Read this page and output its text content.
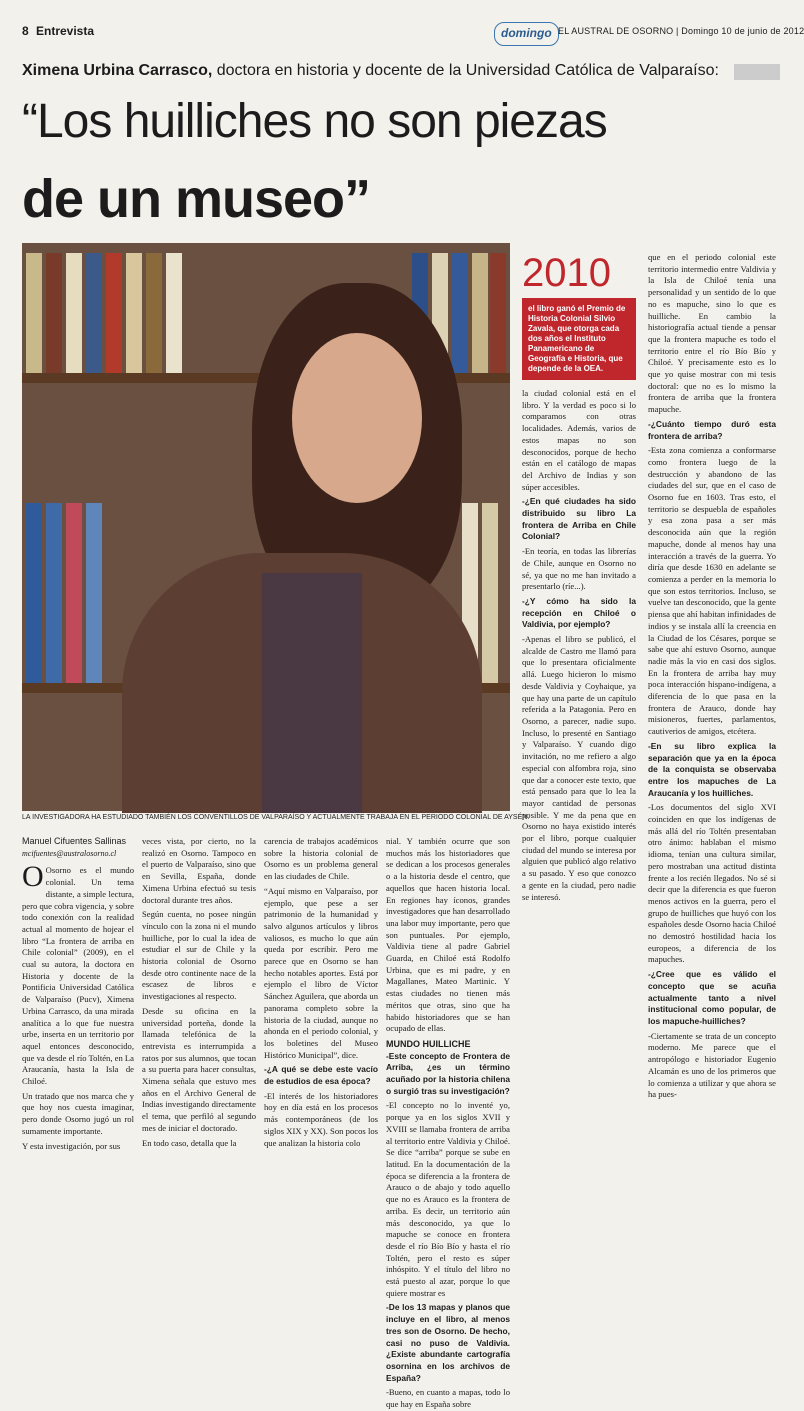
8 Entrevista	domingo EL AUSTRAL DE OSORNO | Domingo 10 de junio de 2012
Ximena Urbina Carrasco, doctora en historia y docente de la Universidad Católica de Valparaíso:
“Los huilliches no son piezas
de un museo”
LA INVESTIGADORA HA ESTUDIADO TAMBIÉN LOS CONVENTILLOS DE VALPARAÍSO Y ACTUALMENTE TRABAJA EN EL PERIODO COLONIAL DE AYSÉN.
2010
el libro ganó el Premio de Historia Colonial Silvio Zavala, que otorga cada dos años el Instituto Panamericano de Geografía e Historia, que depende de la OEA.

la ciudad colonial está en el libro. Y la verdad es poco si lo comparamos con otras localidades. Además, varios de estos mapas no son desconocidos, porque de hecho están en el catálogo de mapas del Archivo de Indias y son súper accesibles.

-¿En qué ciudades ha sido distribuido su libro La frontera de Arriba en Chile Colonial?

-En teoría, en todas las librerías de Chile, aunque en Osorno no sé, ya que no me han invitado a presentarlo (ríe...).

-¿Y cómo ha sido la recepción en Chiloé o Valdivia, por ejemplo?

-Apenas el libro se publicó, el alcalde de Castro me llamó para que lo presentara oficialmente allá. Luego hicieron lo mismo desde Valdivia y Coyhaique, ya que hay una parte de un capítulo referida a la Patagonia. Pero en Osorno, a parecer, nadie supo. Incluso, lo presenté en Santiago y Valparaíso. Y cuando digo invitación, no me refiero a algo especial con alfombra roja, sino que dar a conocer este texto, que está pensado para que lo lea la mayor cantidad de personas posible. Y me da pena que en Osorno no haya existido interés por el libro, porque cualquier ciudad del mundo se interesa por alguien que publicó algo relativo a su pasado. Y eso que conozco a gente en la ciudad, pero nadie se interesó.

que en el periodo colonial este territorio intermedio entre Valdivia y la Isla de Chiloé tenía una personalidad y un sentido de lo que no es mapuche, sino lo que es huilliche. En cambio la historiografía actual tiende a pensar que la frontera mapuche es todo el territorio entre el río Bío Bío y Chiloé. Y precisamente esto es lo que yo quise mostrar con mi tesis doctoral: que no es lo mismo la frontera de arriba que la frontera mapuche.

-¿Cuánto tiempo duró esta frontera de arriba?

-Esta zona comienza a conformarse como frontera luego de la destrucción y abandono de las ciudades del sur, que en el caso de Osorno fue en 1603. Tras esto, el territorio se despuebla de españoles y esa zona pasa a ser más desconocida aún que la región mapuche, donde al menos hay una interacción a través de la guerra. Yo diría que desde 1630 en adelante se comienza a perder en la memoria lo que son estos territorios. Incluso, se vuelve tan desconocido, que la gente piensa que ahí habitan infinidades de indios y se instala allí la creencia en la Ciudad de los Césares, porque se sabe que ahí estuvo Osorno, aunque nadie más la vio en casi dos siglos. En la frontera de arriba hay muy poca interacción hispano-indígena, a diferencia de lo que pasa en la frontera de Arauco, donde hay misioneros, fuertes, parlamentos, cautiverios de amigos, etcétera.

-En su libro explica la separación que ya en la época de la conquista se observaba entre los mapuches de La Araucanía y los huilliches.

-Los documentos del siglo XVI coinciden en que los indígenas de más allá del río Toltén presentaban otro ánimo: hablaban el mismo idioma, tenían una cultura similar, pero mostraban una actitud distinta frente a los recién llegados. No sé si decir que la diferencia es que fueron menos activos en la guerra, pero el grupo de huilliches que huyó con los españoles desde Osorno hacia Chiloé no demostró hostilidad hacia los europeos, a diferencia de los mapuches.

-¿Cree que es válido el concepto que se acuña actualmente tanto a nivel institucional como popular, de los mapuche-huilliches?

-Ciertamente se trata de un concepto moderno. Me parece que el antropólogo e historiador Eugenio Alcamán es uno de los primeros que lo comienza a utilizar y que ahora se ha pues-

Manuel Cifuentes Sallinas
mcifuentes@australosorno.cl

O Osorno es el mundo colonial. Un tema distante, a simple lectura, pero que cobra vigencia, y sobre todo conexión con la realidad actual al momento de hojear el libro “La frontera de arriba en Chile colonial” (2009), en el cual su autora, la doctora en Historia y docente de la Pontificia Universidad Católica de Valparaíso (Pucv), Ximena Urbina Carrasco, da una mirada analítica a lo que fue nuestra urbe, inserta en un territorio por aquel entonces desconocido, que va desde el río Toltén, en La Araucanía, hasta la Isla de Chiloé.

Un tratado que nos marca che y que hoy nos cuesta imaginar, pero donde Osorno jugó un rol sumamente importante.

Y esta investigación, por sus

veces vista, por cierto, no la realizó en Osorno. Tampoco en el puerto de Valparaíso, sino que en Sevilla, España, donde Ximena Urbina efectuó su tesis doctoral durante tres años.

Según cuenta, no posee ningún vínculo con la zona ni el mundo huilliche, por lo cual la idea de estudiar el sur de Chile y la historia colonial de Osorno desde otro continente nace de la escasez de libros e investigaciones al respecto.

Desde su oficina en la universidad porteña, donde la llamada telefónica de la entrevista es interrumpida a ratos por sus alumnos, que tocan a su puerta para hacer consultas, Ximena señala que estuvo mes años en el Archivo General de Indias investigando directamente el tema, que perfiló al segundo mes de iniciar el doctorado.

En todo caso, detalla que la

carencia de trabajos académicos sobre la historia colonial de Osorno es un problema general en las ciudades de Chile.

“Aquí mismo en Valparaíso, por ejemplo, que pese a ser patrimonio de la humanidad y salvo algunos artículos y libros valiosos, es mucho lo que aún queda por escribir. Pero me parece que en Osorno se han hecho notables aportes. Está por ejemplo el libro de Víctor Sánchez Aguilera, que aborda un panorama completo sobre la historia de la ciudad, aunque no ahonda en el periodo colonial, y los boletines del Museo Histórico Municipal”, dice.

-¿A qué se debe este vacío de estudios de esa época?

-El interés de los historiadores hoy en día está en los procesos más contemporáneos (de los siglos XIX y XX). Son pocos los que analizan la historia colo

nial. Y también ocurre que son muchos más los historiadores que se dedican a los procesos generales o a la historia desde el centro, que aquellos que hacen historia local. En regiones hay íconos, grandes investigadores que han desarrollado una labor muy importante, pero que son puntuales. Por ejemplo, Valdivia tiene al padre Gabriel Guarda, en Chiloé está Rodolfo Urbina, que es mi padre, y en Magallanes, Mateo Martinic. Y estas ciudades no tienen más méritos que otras, sino que ha habido historiadores que se han ocupado de ellas.

MUNDO HUILLICHE

-Este concepto de Frontera de Arriba, ¿es un término acuñado por la historia chilena o surgió tras su investigación?

-El concepto no lo inventé yo, porque ya en los siglos XVII y XVIII se llamaba frontera de arriba al territorio entre Valdivia y Chiloé. Se dice “arriba” porque se sube en latitud. En la documentación de la época se diferencia a la frontera de Arauco o de abajo y todo aquello que no es Arauco es la frontera de arriba. Es decir, un territorio aún más desconocido, ya que lo mapuche se conoce en frontera desde el río Bío Bío y hasta el río Toltén, pero el resto es súper inhóspito. Y el título del libro no está puesto al azar, porque lo que quiere mostrar es

-De los 13 mapas y planos que incluye en el libro, al menos tres son de Osorno. De hecho, casi no puso de Valdivia. ¿Existe abundante cartografía osornina en los archivos de España?

-Bueno, en cuanto a mapas, todo lo que hay en España sobre
